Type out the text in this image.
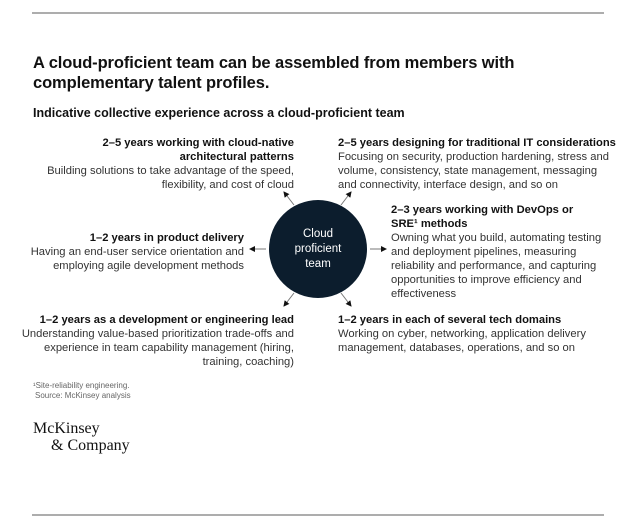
A cloud-proficient team can be assembled from members with complementary talent profiles.
Indicative collective experience across a cloud-proficient team
2–5 years working with cloud-native
architectural patterns
Building solutions to take advantage of the speed,
flexibility, and cost of cloud
2–5 years designing for traditional IT considerations
Focusing on security, production hardening, stress and
volume, consistency, state management, messaging
and connectivity, interface design, and so on
1–2 years in product delivery
Having an end-user service orientation and
employing agile development methods
2–3 years working with DevOps or
SRE¹ methods
Owning what you build, automating testing
and deployment pipelines, measuring
reliability and performance, and capturing
opportunities to improve efficiency and
effectiveness
1–2 years as a development or engineering lead
Understanding value-based prioritization trade-offs and
experience in team capability management (hiring,
training, coaching)
1–2 years in each of several tech domains
Working on cyber, networking, application delivery
management, databases, operations, and so on
Cloud
proficient
team
¹Site-reliability engineering.
Source: McKinsey analysis
McKinsey
& Company
